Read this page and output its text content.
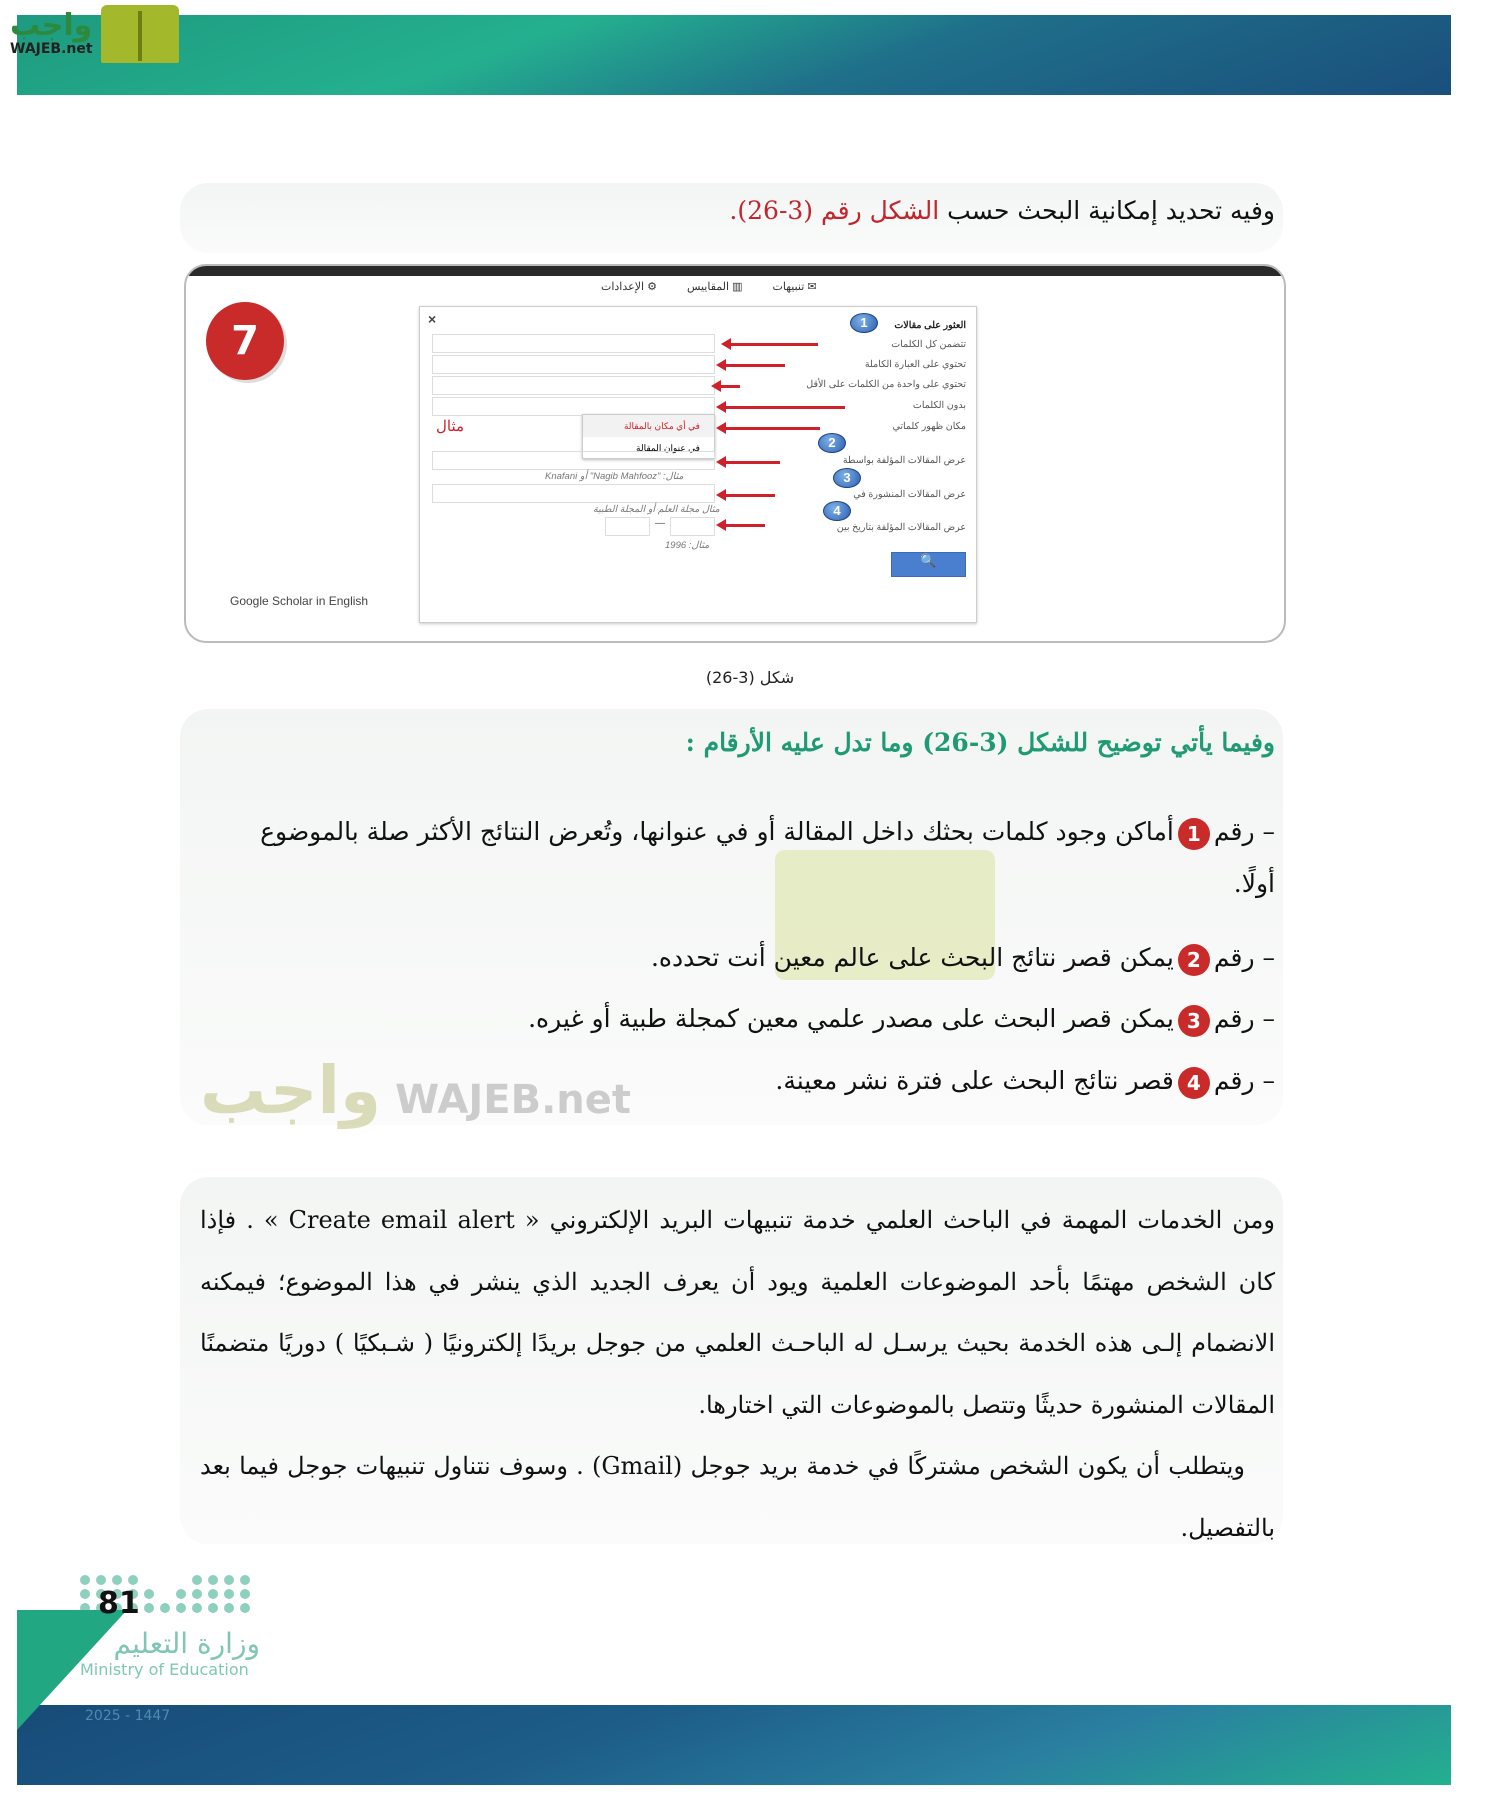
واجب
WAJEB.net
وفيه تحديد إمكانية البحث حسب الشكل رقم (3-26).
7
✉ تنبيهات
▥ المقاييس
⚙ الإعدادات
×	العثور على مقالات
1
تتضمن كل الكلمات
تحتوي على العبارة الكاملة
تحتوي على واحدة من الكلمات على الأقل
بدون الكلمات
مكان ظهور كلماتي
في أي مكان بالمقالة
في عنوان المقالة
مثال
2
عرض المقالات المؤلفة بواسطة
مثال: "Nagib Mahfooz" أو Knafani	3
عرض المقالات المنشورة في
مثال مجلة العلم أو المجلة الطبية	4
عرض المقالات المؤلفة بتاريخ بين
—
مثال: 1996
🔍
Google Scholar in English
شكل (3-26)
واجب WAJEB.net
وفيما يأتي توضيح للشكل (3-26) وما تدل عليه الأرقام :
– رقم1أماكن وجود كلمات بحثك داخل المقالة أو في عنوانها، وتُعرض النتائج الأكثر صلة بالموضوع أولًا.
– رقم2يمكن قصر نتائج البحث على عالم معين أنت تحدده.
– رقم3يمكن قصر البحث على مصدر علمي معين كمجلة طبية أو غيره.
– رقم4قصر نتائج البحث على فترة نشر معينة.

ومن الخدمات المهمة في الباحث العلمي خدمة تنبيهات البريد الإلكتروني « Create email alert » . فإذا كان الشخص مهتمًا بأحد الموضوعات العلمية ويود أن يعرف الجديد الذي ينشر في هذا الموضوع؛ فيمكنه الانضمام إلـى هذه الخدمة بحيث يرسـل له الباحـث العلمي من جوجل بريدًا إلكترونيًا ( شـبكيًا ) دوريًا متضمنًا المقالات المنشورة حديثًا وتتصل بالموضوعات التي اختارها.

ويتطلب أن يكون الشخص مشتركًا في خدمة بريد جوجل (Gmail) . وسوف نتناول تنبيهات جوجل فيما بعد بالتفصيل.

وزارة التعليم
Ministry of Education
2025 - 1447
81
